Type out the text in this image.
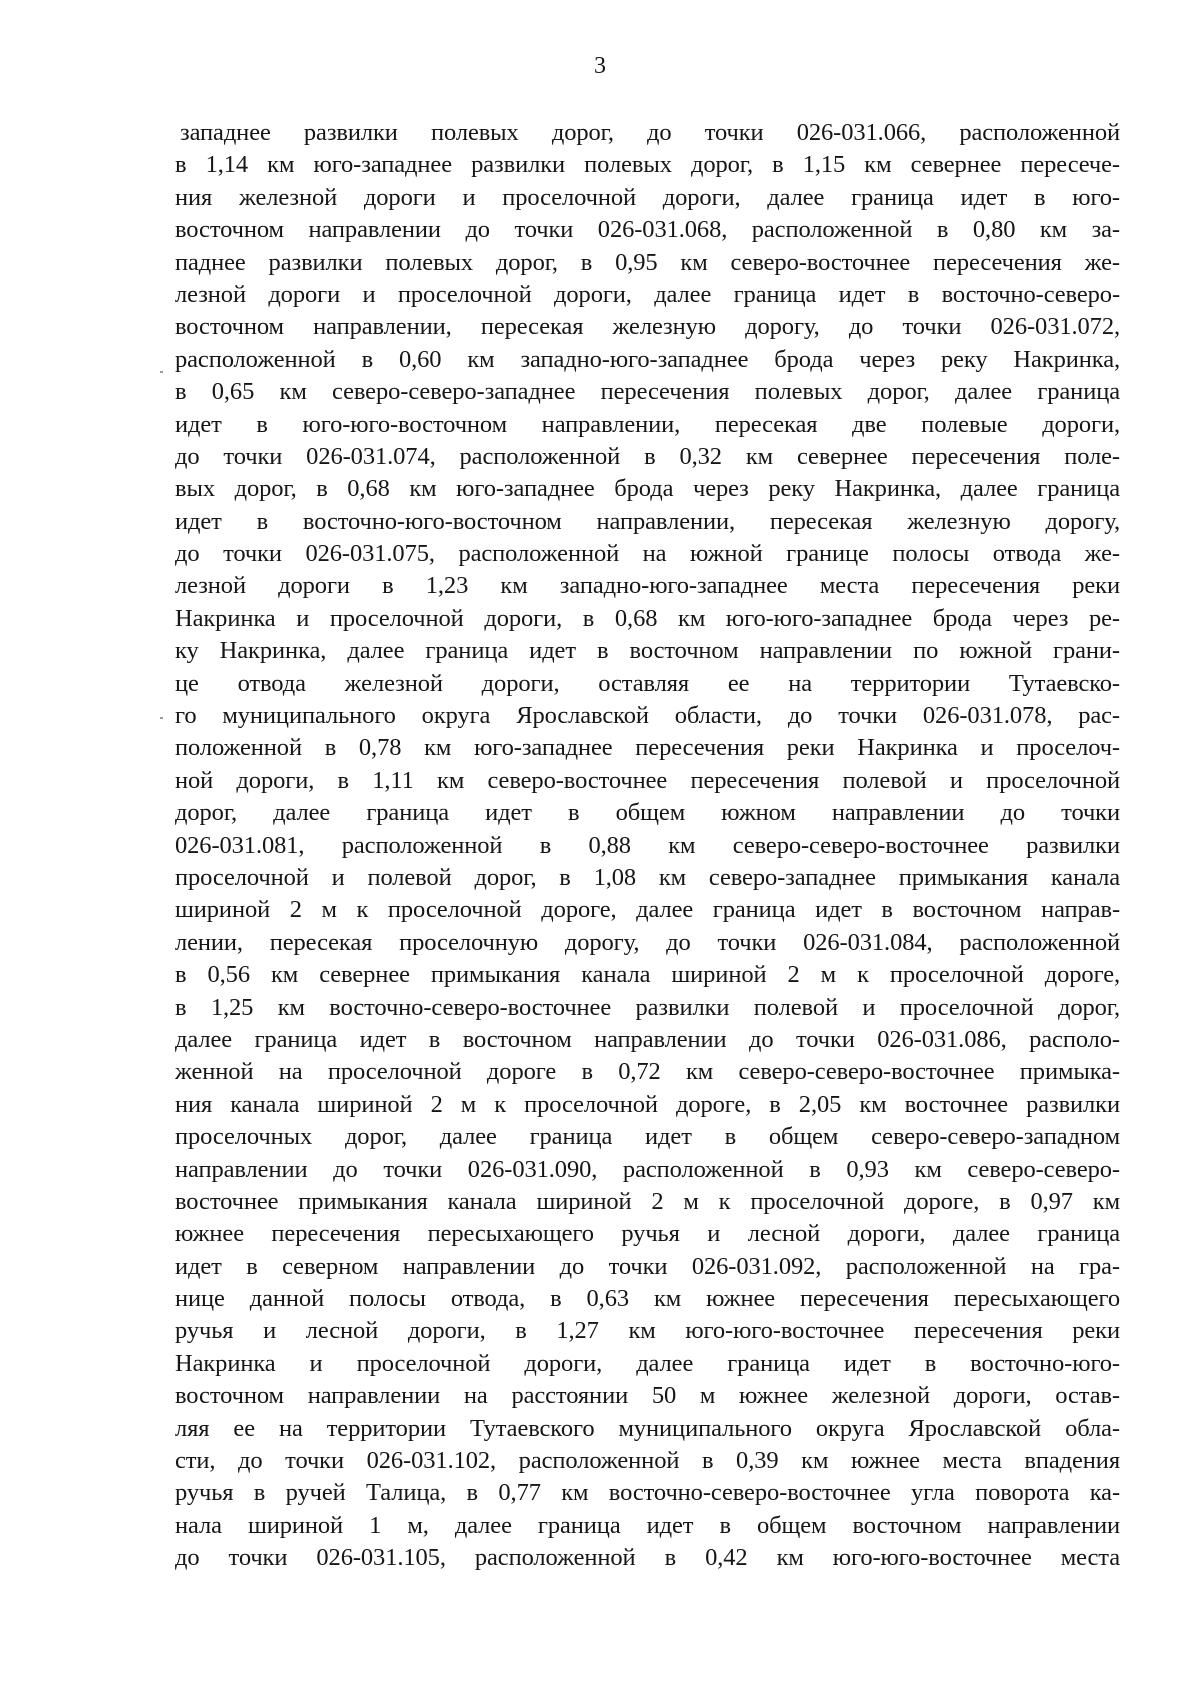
3
западнее развилки полевых дорог, до точки 026-031.066, расположенной
в 1,14 км юго-западнее развилки полевых дорог, в 1,15 км севернее пересече-
ния железной дороги и проселочной дороги, далее граница идет в юго-
восточном направлении до точки 026-031.068, расположенной в 0,80 км за-
паднее развилки полевых дорог, в 0,95 км северо-восточнее пересечения же-
лезной дороги и проселочной дороги, далее граница идет в восточно-северо-
восточном направлении, пересекая железную дорогу, до точки 026-031.072,
расположенной в 0,60 км западно-юго-западнее брода через реку Накринка,
в 0,65 км северо-северо-западнее пересечения полевых дорог, далее граница
идет в юго-юго-восточном направлении, пересекая две полевые дороги,
до точки 026-031.074, расположенной в 0,32 км севернее пересечения поле-
вых дорог, в 0,68 км юго-западнее брода через реку Накринка, далее граница
идет в восточно-юго-восточном направлении, пересекая железную дорогу,
до точки 026-031.075, расположенной на южной границе полосы отвода же-
лезной дороги в 1,23 км западно-юго-западнее места пересечения реки
Накринка и проселочной дороги, в 0,68 км юго-юго-западнее брода через ре-
ку Накринка, далее граница идет в восточном направлении по южной грани-
це отвода железной дороги, оставляя ее на территории Тутаевско-
го муниципального округа Ярославской области, до точки 026-031.078, рас-
положенной в 0,78 км юго-западнее пересечения реки Накринка и проселоч-
ной дороги, в 1,11 км северо-восточнее пересечения полевой и проселочной
дорог, далее граница идет в общем южном направлении до точки
026-031.081, расположенной в 0,88 км северо-северо-восточнее развилки
проселочной и полевой дорог, в 1,08 км северо-западнее примыкания канала
шириной 2 м к проселочной дороге, далее граница идет в восточном направ-
лении, пересекая проселочную дорогу, до точки 026-031.084, расположенной
в 0,56 км севернее примыкания канала шириной 2 м к проселочной дороге,
в 1,25 км восточно-северо-восточнее развилки полевой и проселочной дорог,
далее граница идет в восточном направлении до точки 026-031.086, располо-
женной на проселочной дороге в 0,72 км северо-северо-восточнее примыка-
ния канала шириной 2 м к проселочной дороге, в 2,05 км восточнее развилки
проселочных дорог, далее граница идет в общем северо-северо-западном
направлении до точки 026-031.090, расположенной в 0,93 км северо-северо-
восточнее примыкания канала шириной 2 м к проселочной дороге, в 0,97 км
южнее пересечения пересыхающего ручья и лесной дороги, далее граница
идет в северном направлении до точки 026-031.092, расположенной на гра-
нице данной полосы отвода, в 0,63 км южнее пересечения пересыхающего
ручья и лесной дороги, в 1,27 км юго-юго-восточнее пересечения реки
Накринка и проселочной дороги, далее граница идет в восточно-юго-
восточном направлении на расстоянии 50 м южнее железной дороги, остав-
ляя ее на территории Тутаевского муниципального округа Ярославской обла-
сти, до точки 026-031.102, расположенной в 0,39 км южнее места впадения
ручья в ручей Талица, в 0,77 км восточно-северо-восточнее угла поворота ка-
нала шириной 1 м, далее граница идет в общем восточном направлении
до точки 026-031.105, расположенной в 0,42 км юго-юго-восточнее места
